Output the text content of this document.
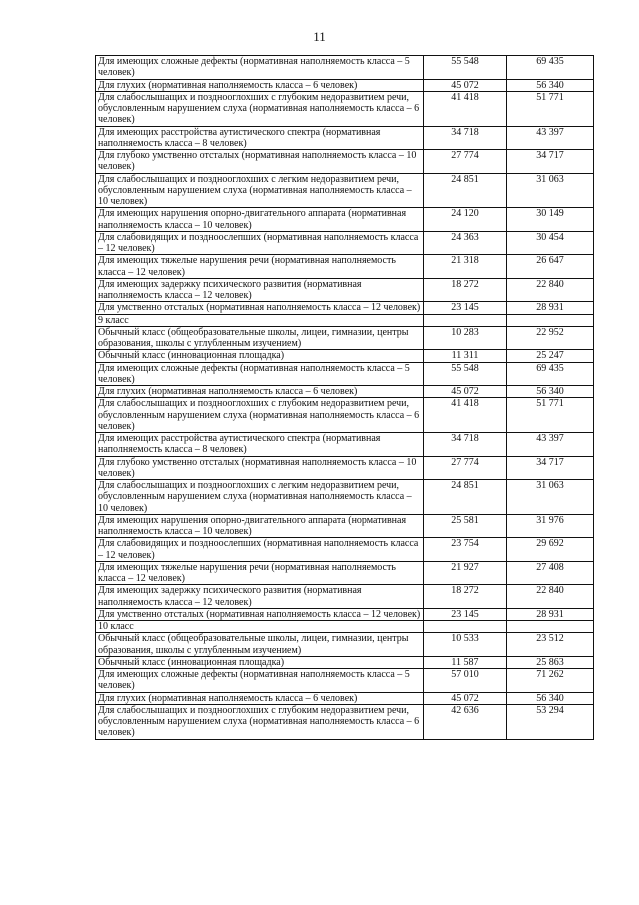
11
Для имеющих сложные дефекты (нормативная наполняемость класса – 5 человек)	55 548	69 435
Для глухих (нормативная наполняемость класса – 6 человек)	45 072	56 340
Для слабослышащих и позднооглохших с глубоким недоразвитием речи, обусловленным нарушением слуха (нормативная наполняемость класса – 6 человек)	41 418	51 771
Для имеющих расстройства аутистического спектра (нормативная наполняемость класса – 8 человек)	34 718	43 397
Для глубоко умственно отсталых (нормативная наполняемость класса – 10 человек)	27 774	34 717
Для слабослышащих и позднооглохших с легким недоразвитием речи, обусловленным нарушением слуха (нормативная наполняемость класса – 10 человек)	24 851	31 063
Для имеющих нарушения опорно-двигательного аппарата (нормативная наполняемость класса – 10 человек)	24 120	30 149
Для слабовидящих и поздноослепших (нормативная наполняемость класса – 12 человек)	24 363	30 454
Для имеющих тяжелые нарушения речи (нормативная наполняемость класса – 12 человек)	21 318	26 647
Для имеющих задержку психического развития (нормативная наполняемость класса – 12 человек)	18 272	22 840
Для умственно отсталых (нормативная наполняемость класса – 12 человек)	23 145	28 931
9 класс		
Обычный класс (общеобразовательные школы, лицеи, гимназии, центры образования, школы с углубленным изучением)	10 283	22 952
Обычный класс (инновационная площадка)	11 311	25 247
Для имеющих сложные дефекты (нормативная наполняемость класса – 5 человек)	55 548	69 435
Для глухих (нормативная наполняемость класса – 6 человек)	45 072	56 340
Для слабослышащих и позднооглохших с глубоким недоразвитием речи, обусловленным нарушением слуха (нормативная наполняемость класса – 6 человек)	41 418	51 771
Для имеющих расстройства аутистического спектра (нормативная наполняемость класса – 8 человек)	34 718	43 397
Для глубоко умственно отсталых (нормативная наполняемость класса – 10 человек)	27 774	34 717
Для слабослышащих и позднооглохших с легким недоразвитием речи, обусловленным нарушением слуха (нормативная наполняемость класса – 10 человек)	24 851	31 063
Для имеющих нарушения опорно-двигательного аппарата (нормативная наполняемость класса – 10 человек)	25 581	31 976
Для слабовидящих и поздноослепших (нормативная наполняемость класса – 12 человек)	23 754	29 692
Для имеющих тяжелые нарушения речи (нормативная наполняемость класса – 12 человек)	21 927	27 408
Для имеющих задержку психического развития (нормативная наполняемость класса – 12 человек)	18 272	22 840
Для умственно отсталых (нормативная наполняемость класса – 12 человек)	23 145	28 931
10 класс		
Обычный класс (общеобразовательные школы, лицеи, гимназии, центры образования, школы с углубленным изучением)	10 533	23 512
Обычный класс (инновационная площадка)	11 587	25 863
Для имеющих сложные дефекты (нормативная наполняемость класса – 5 человек)	57 010	71 262
Для глухих (нормативная наполняемость класса – 6 человек)	45 072	56 340
Для слабослышащих и позднооглохших с глубоким недоразвитием речи, обусловленным нарушением слуха (нормативная наполняемость класса – 6 человек)	42 636	53 294
